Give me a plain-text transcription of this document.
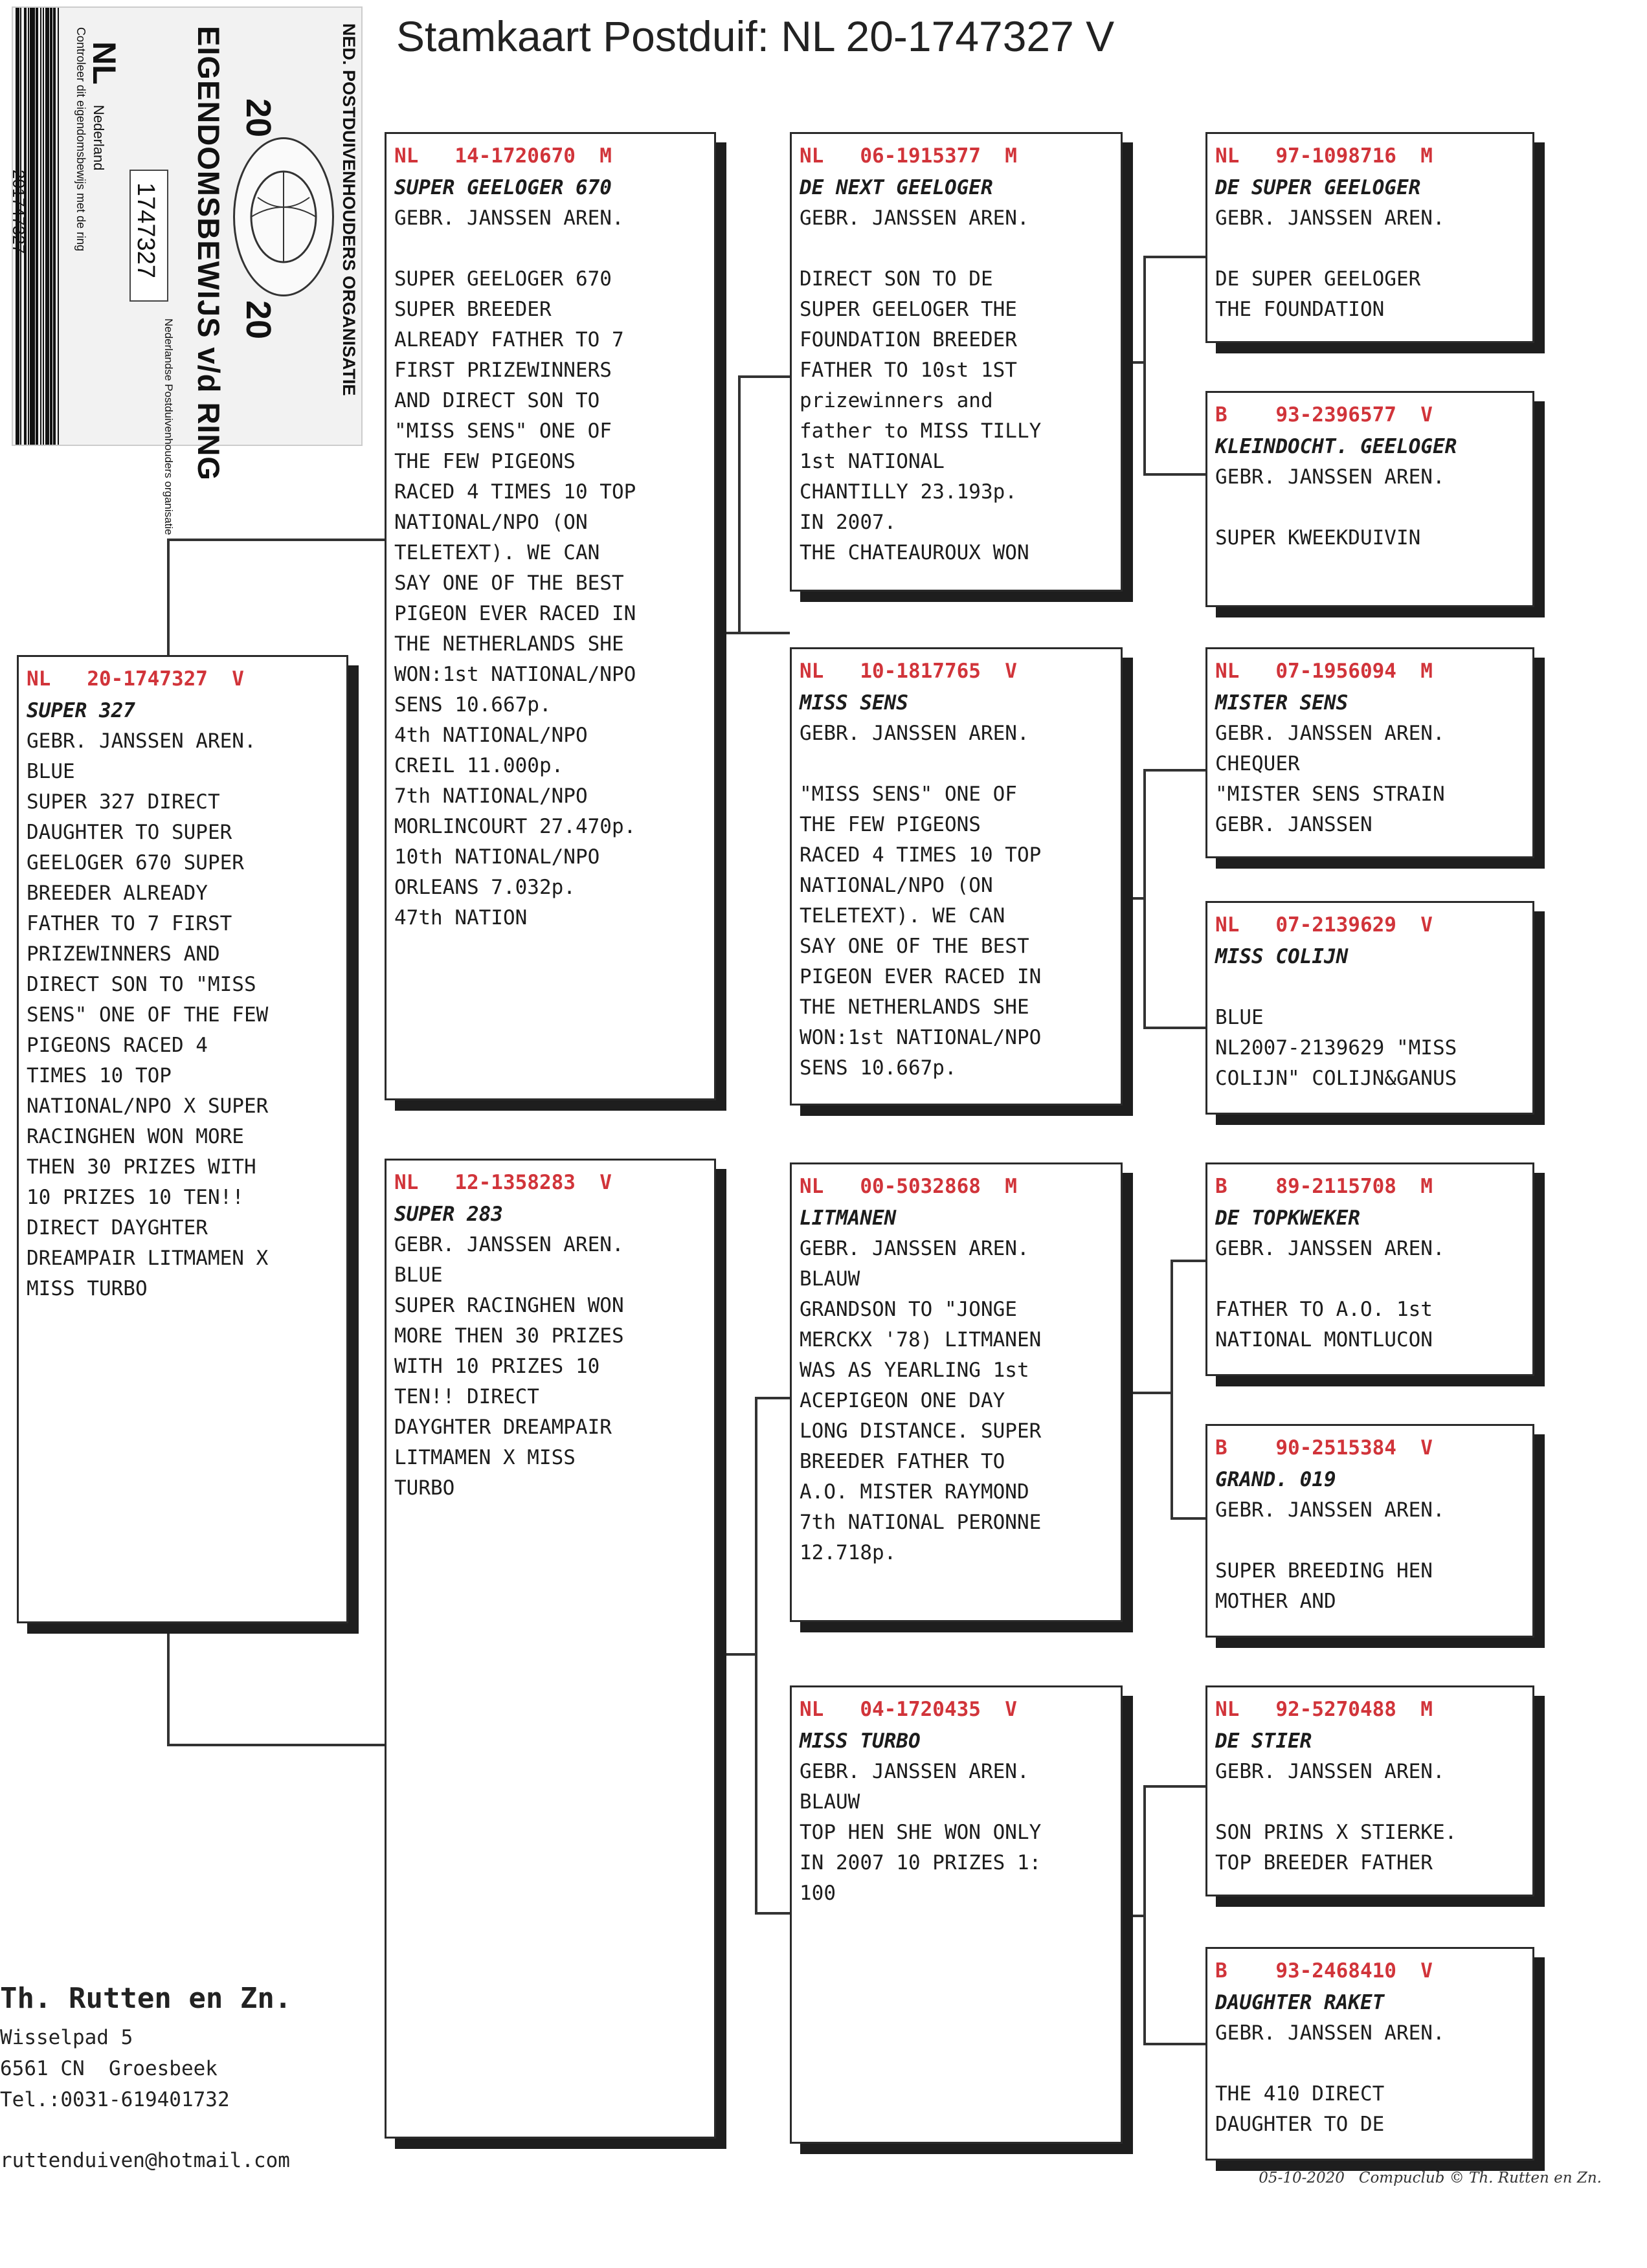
Stamkaart Postduif: NL 20-1747327 V
201747327
NL
Nederland
1747327
Controleer dit eigendomsbewijs met de ring	EIGENDOMSBEWIJS v/d RING 20
20	NED. POSTDUIVENHOUDERS ORGANISATIE
Nederlandse Postduivenhouders organisatie
NL   20-1747327  V
SUPER 327
GEBR. JANSSEN AREN.
BLUE
SUPER 327 DIRECT
DAUGHTER TO SUPER
GEELOGER 670 SUPER
BREEDER ALREADY
FATHER TO 7 FIRST
PRIZEWINNERS AND
DIRECT SON TO "MISS
SENS" ONE OF THE FEW
PIGEONS RACED 4
TIMES 10 TOP
NATIONAL/NPO X SUPER
RACINGHEN WON MORE
THEN 30 PRIZES WITH
10 PRIZES 10 TEN!!
DIRECT DAYGHTER
DREAMPAIR LITMAMEN X
MISS TURBO
NL   14-1720670  M
SUPER GEELOGER 670
GEBR. JANSSEN AREN.
SUPER GEELOGER 670
SUPER BREEDER
ALREADY FATHER TO 7
FIRST PRIZEWINNERS
AND DIRECT SON TO
"MISS SENS" ONE OF
THE FEW PIGEONS
RACED 4 TIMES 10 TOP
NATIONAL/NPO (ON
TELETEXT). WE CAN
SAY ONE OF THE BEST
PIGEON EVER RACED IN
THE NETHERLANDS SHE
WON:1st NATIONAL/NPO
SENS 10.667p.
4th NATIONAL/NPO
CREIL 11.000p.
7th NATIONAL/NPO
MORLINCOURT 27.470p.
10th NATIONAL/NPO
ORLEANS 7.032p.
47th NATION
NL   12-1358283  V
SUPER 283
GEBR. JANSSEN AREN.
BLUE
SUPER RACINGHEN WON
MORE THEN 30 PRIZES
WITH 10 PRIZES 10
TEN!! DIRECT
DAYGHTER DREAMPAIR
LITMAMEN X MISS
TURBO
NL   06-1915377  M
DE NEXT GEELOGER
GEBR. JANSSEN AREN.
DIRECT SON TO DE
SUPER GEELOGER THE
FOUNDATION BREEDER
FATHER TO 10st 1ST
prizewinners and
father to MISS TILLY
1st NATIONAL
CHANTILLY 23.193p.
IN 2007.
THE CHATEAUROUX WON
NL   10-1817765  V
MISS SENS
GEBR. JANSSEN AREN.
"MISS SENS" ONE OF
THE FEW PIGEONS
RACED 4 TIMES 10 TOP
NATIONAL/NPO (ON
TELETEXT). WE CAN
SAY ONE OF THE BEST
PIGEON EVER RACED IN
THE NETHERLANDS SHE
WON:1st NATIONAL/NPO
SENS 10.667p.
NL   00-5032868  M
LITMANEN
GEBR. JANSSEN AREN.
BLAUW
GRANDSON TO "JONGE
MERCKX '78) LITMANEN
WAS AS YEARLING 1st
ACEPIGEON ONE DAY
LONG DISTANCE. SUPER
BREEDER FATHER TO
A.O. MISTER RAYMOND
7th NATIONAL PERONNE
12.718p.
NL   04-1720435  V
MISS TURBO
GEBR. JANSSEN AREN.
BLAUW
TOP HEN SHE WON ONLY
IN 2007 10 PRIZES 1:
100
NL   97-1098716  M
DE SUPER GEELOGER
GEBR. JANSSEN AREN.
DE SUPER GEELOGER
THE FOUNDATION
B    93-2396577  V
KLEINDOCHT. GEELOGER
GEBR. JANSSEN AREN.
SUPER KWEEKDUIVIN
NL   07-1956094  M
MISTER SENS
GEBR. JANSSEN AREN.
CHEQUER
"MISTER SENS STRAIN
GEBR. JANSSEN
NL   07-2139629  V
MISS COLIJN
BLUE
NL2007-2139629 "MISS
COLIJN" COLIJN&GANUS
B    89-2115708  M
DE TOPKWEKER
GEBR. JANSSEN AREN.
FATHER TO A.O. 1st
NATIONAL MONTLUCON
B    90-2515384  V
GRAND. 019
GEBR. JANSSEN AREN.
SUPER BREEDING HEN
MOTHER AND
NL   92-5270488  M
DE STIER
GEBR. JANSSEN AREN.
SON PRINS X STIERKE.
TOP BREEDER FATHER
B    93-2468410  V
DAUGHTER RAKET
GEBR. JANSSEN AREN.
THE 410 DIRECT
DAUGHTER TO DE
Th. Rutten en Zn.
Wisselpad 5
6561 CN  Groesbeek
Tel.:0031-619401732
ruttenduiven@hotmail.com
05-10-2020   Compuclub © Th. Rutten en Zn.
